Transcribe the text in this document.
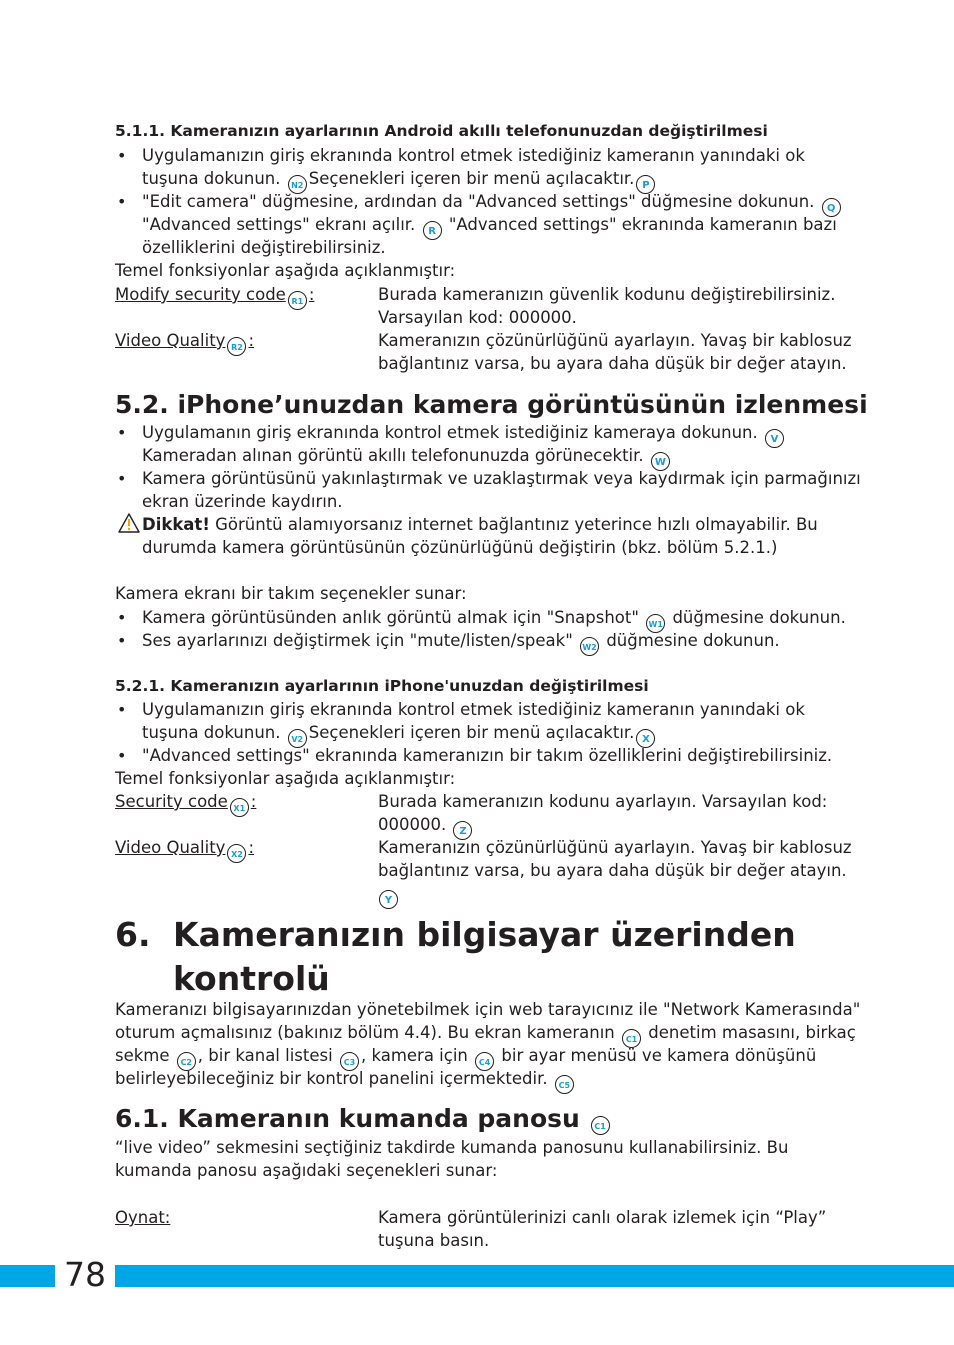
5.1.1. Kameranızın ayarlarının Android akıllı telefonunuzdan değiştirilmesi
• Uygulamanızın giriş ekranında kontrol etmek istediğiniz kameranın yanındaki ok
tuşuna dokunun. N2 Seçenekleri içeren bir menü açılacaktır. P
• "Edit camera" düğmesine, ardından da "Advanced settings" düğmesine dokunun. Q
"Advanced settings" ekranı açılır. R "Advanced settings" ekranında kameranın bazı
özelliklerini değiştirebilirsiniz.
Temel fonksiyonlar aşağıda açıklanmıştır:
Modify security code R1 :	Burada kameranızın güvenlik kodunu değiştirebilirsiniz.
Varsayılan kod: 000000.
Video Quality R2 :	Kameranızın çözünürlüğünü ayarlayın. Yavaş bir kablosuz
bağlantınız varsa, bu ayara daha düşük bir değer atayın.
5.2. iPhone’unuzdan kamera görüntüsünün izlenmesi
• Uygulamanın giriş ekranında kontrol etmek istediğiniz kameraya dokunun. V
Kameradan alınan görüntü akıllı telefonunuzda görünecektir. W
• Kamera görüntüsünü yakınlaştırmak ve uzaklaştırmak veya kaydırmak için parmağınızı
ekran üzerinde kaydırın.
Dikkat! Görüntü alamıyorsanız internet bağlantınız yeterince hızlı olmayabilir. Bu
durumda kamera görüntüsünün çözünürlüğünü değiştirin (bkz. bölüm 5.2.1.)
Kamera ekranı bir takım seçenekler sunar:
• Kamera görüntüsünden anlık görüntü almak için "Snapshot" W1 düğmesine dokunun.
• Ses ayarlarınızı değiştirmek için "mute/listen/speak" W2 düğmesine dokunun.
5.2.1. Kameranızın ayarlarının iPhone'unuzdan değiştirilmesi
• Uygulamanızın giriş ekranında kontrol etmek istediğiniz kameranın yanındaki ok
tuşuna dokunun. V2 Seçenekleri içeren bir menü açılacaktır. X
• "Advanced settings" ekranında kameranızın bir takım özelliklerini değiştirebilirsiniz.
Temel fonksiyonlar aşağıda açıklanmıştır:
Security code X1 :	Burada kameranızın kodunu ayarlayın. Varsayılan kod:
000000. Z
Video Quality X2 :	Kameranızın çözünürlüğünü ayarlayın. Yavaş bir kablosuz
bağlantınız varsa, bu ayara daha düşük bir değer atayın.
Y
6. Kameranızın bilgisayar üzerinden
kontrolü
Kameranızı bilgisayarınızdan yönetebilmek için web tarayıcınız ile "Network Kamerasında"
oturum açmalısınız (bakınız bölüm 4.4). Bu ekran kameranın C1 denetim masasını, birkaç
sekme C2 , bir kanal listesi C3 , kamera için C4 bir ayar menüsü ve kamera dönüşünü
belirleyebileceğiniz bir kontrol panelini içermektedir. C5
6.1. Kameranın kumanda panosu C1
“live video” sekmesini seçtiğiniz takdirde kumanda panosunu kullanabilirsiniz. Bu
kumanda panosu aşağıdaki seçenekleri sunar:
Oynat:	Kamera görüntülerinizi canlı olarak izlemek için “Play”
tuşuna basın.
78
